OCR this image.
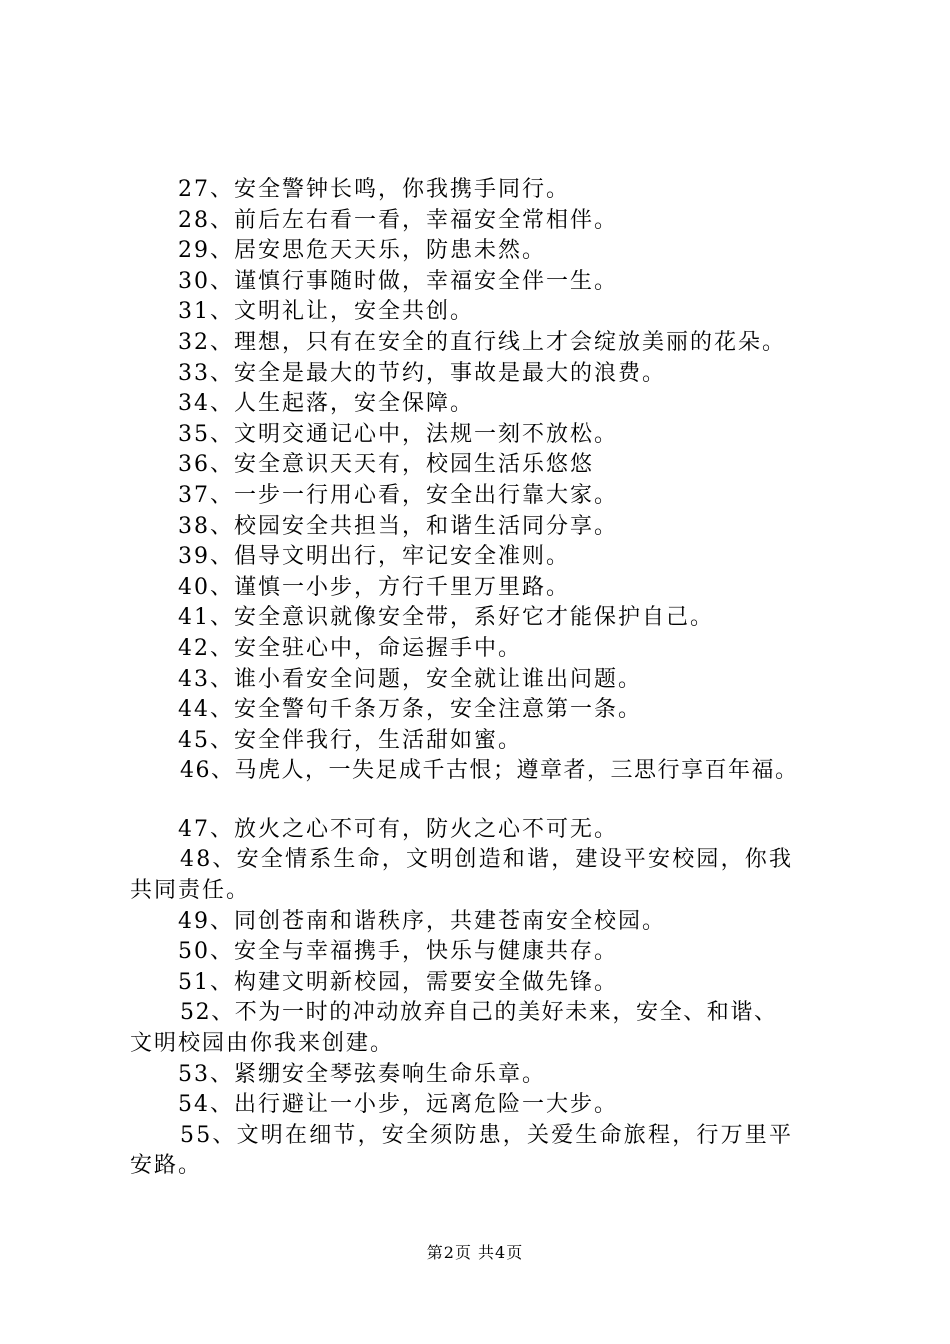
27、安全警钟长鸣，你我携手同行。
28、前后左右看一看，幸福安全常相伴。
29、居安思危天天乐，防患未然。
30、谨慎行事随时做，幸福安全伴一生。
31、文明礼让，安全共创。
32、理想，只有在安全的直行线上才会绽放美丽的花朵。
33、安全是最大的节约，事故是最大的浪费。
34、人生起落，安全保障。
35、文明交通记心中，法规一刻不放松。
36、安全意识天天有，校园生活乐悠悠
37、一步一行用心看，安全出行靠大家。
38、校园安全共担当，和谐生活同分享。
39、倡导文明出行，牢记安全准则。
40、谨慎一小步，方行千里万里路。
41、安全意识就像安全带，系好它才能保护自己。
42、安全驻心中，命运握手中。
43、谁小看安全问题，安全就让谁出问题。
44、安全警句千条万条，安全注意第一条。
45、安全伴我行，生活甜如蜜。
46、马虎人，一失足成千古恨；遵章者，三思行享百年福。
47、放火之心不可有，防火之心不可无。
48、安全情系生命，文明创造和谐，建设平安校园，你我
共同责任。
49、同创苍南和谐秩序，共建苍南安全校园。
50、安全与幸福携手，快乐与健康共存。
51、构建文明新校园，需要安全做先锋。
52、不为一时的冲动放弃自己的美好未来，安全、和谐、
文明校园由你我来创建。
53、紧绷安全琴弦奏响生命乐章。
54、出行避让一小步，远离危险一大步。
55、文明在细节，安全须防患，关爱生命旅程，行万里平
安路。
第2页 共4页
